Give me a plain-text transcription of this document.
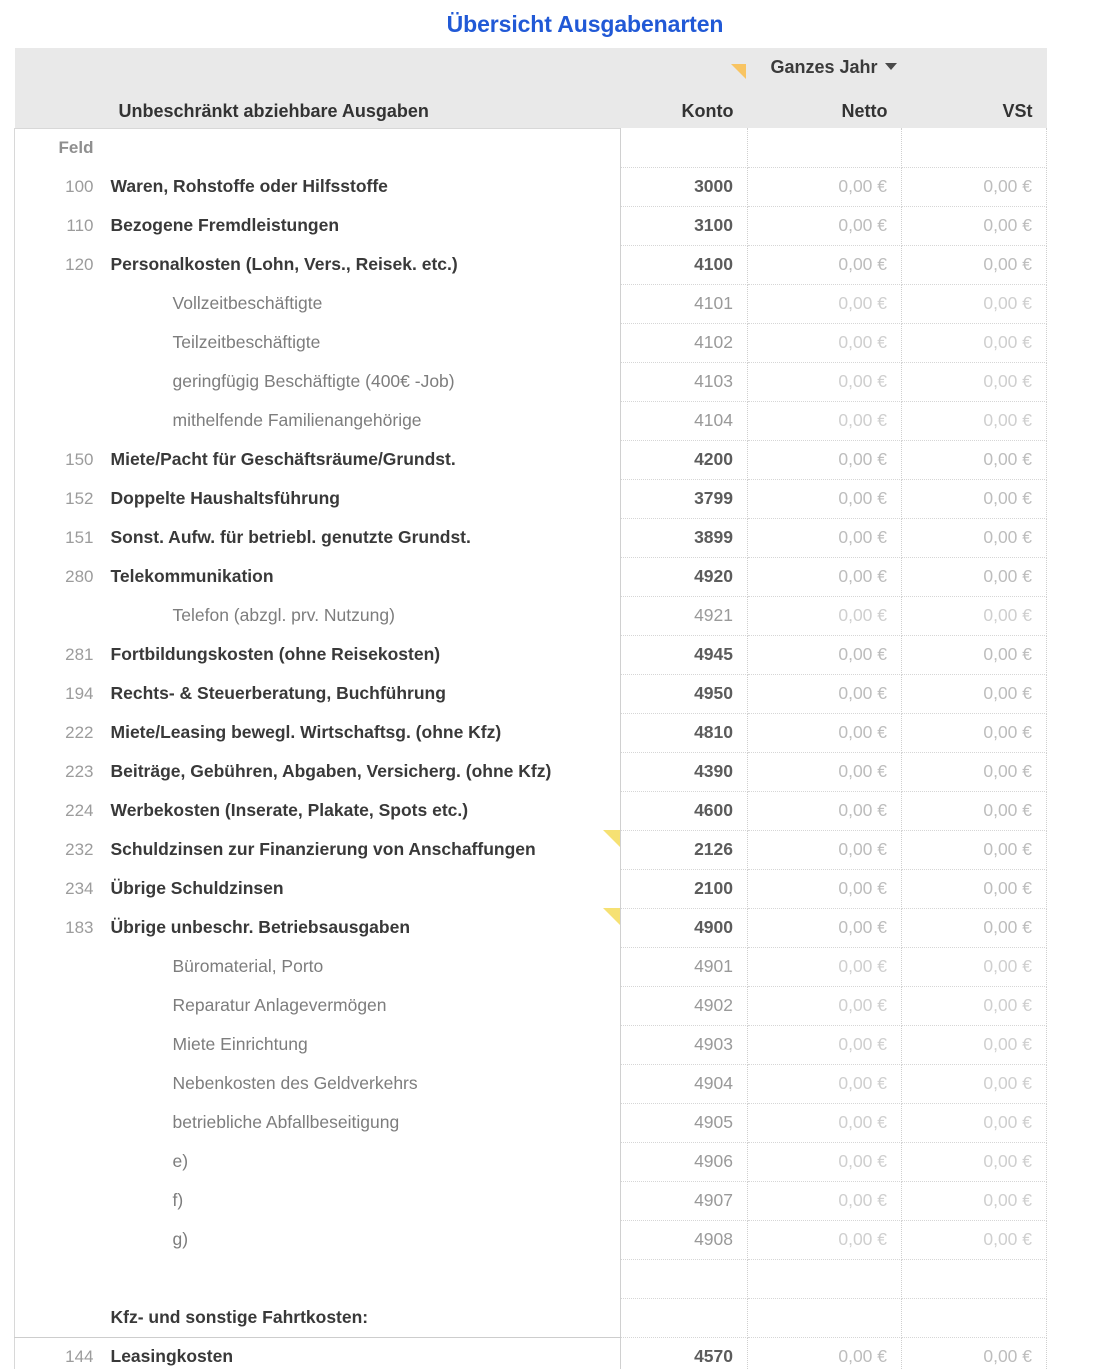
Übersicht Ausgabenarten
		Ganzes Jahr		
	Unbeschränkt abziehbare Ausgaben	Konto	Netto	VSt
Feld	

100	Waren, Rohstoffe oder Hilfsstoffe	3000	0,00 €	0,00 €
110	Bezogene Fremdleistungen	3100	0,00 €	0,00 €
120	Personalkosten (Lohn, Vers., Reisek. etc.)	4100	0,00 €	0,00 €

	Vollzeitbeschäftigte	4101	0,00 €	0,00 €

	Teilzeitbeschäftigte	4102	0,00 €	0,00 €

	geringfügig Beschäftigte (400€ -Job)	4103	0,00 €	0,00 €

	mithelfende Familienangehörige	4104	0,00 €	0,00 €
150	Miete/Pacht für Geschäftsräume/Grundst.	4200	0,00 €	0,00 €
152	Doppelte Haushaltsführung	3799	0,00 €	0,00 €
151	Sonst. Aufw. für betriebl. genutzte Grundst.	3899	0,00 €	0,00 €
280	Telekommunikation	4920	0,00 €	0,00 €

	Telefon (abzgl. prv. Nutzung)	4921	0,00 €	0,00 €
281	Fortbildungskosten (ohne Reisekosten)	4945	0,00 €	0,00 €
194	Rechts- & Steuerberatung, Buchführung	4950	0,00 €	0,00 €
222	Miete/Leasing bewegl. Wirtschaftsg. (ohne Kfz)	4810	0,00 €	0,00 €
223	Beiträge, Gebühren, Abgaben, Versicherg. (ohne Kfz)	4390	0,00 €	0,00 €
224	Werbekosten (Inserate, Plakate, Spots etc.)	4600	0,00 €	0,00 €
232	Schuldzinsen zur Finanzierung von Anschaffungen	2126	0,00 €	0,00 €
234	Übrige Schuldzinsen	2100	0,00 €	0,00 €
183	Übrige unbeschr. Betriebsausgaben	4900	0,00 €	0,00 €

	Büromaterial, Porto	4901	0,00 €	0,00 €

	Reparatur Anlagevermögen	4902	0,00 €	0,00 €

	Miete Einrichtung	4903	0,00 €	0,00 €

	Nebenkosten des Geldverkehrs	4904	0,00 €	0,00 €

	betriebliche Abfallbeseitigung	4905	0,00 €	0,00 €

	e)	4906	0,00 €	0,00 €

	f)	4907	0,00 €	0,00 €

	g)	4908	0,00 €	0,00 €

	Kfz- und sonstige Fahrtkosten:			

144	Leasingkosten	4570	0,00 €	0,00 €
